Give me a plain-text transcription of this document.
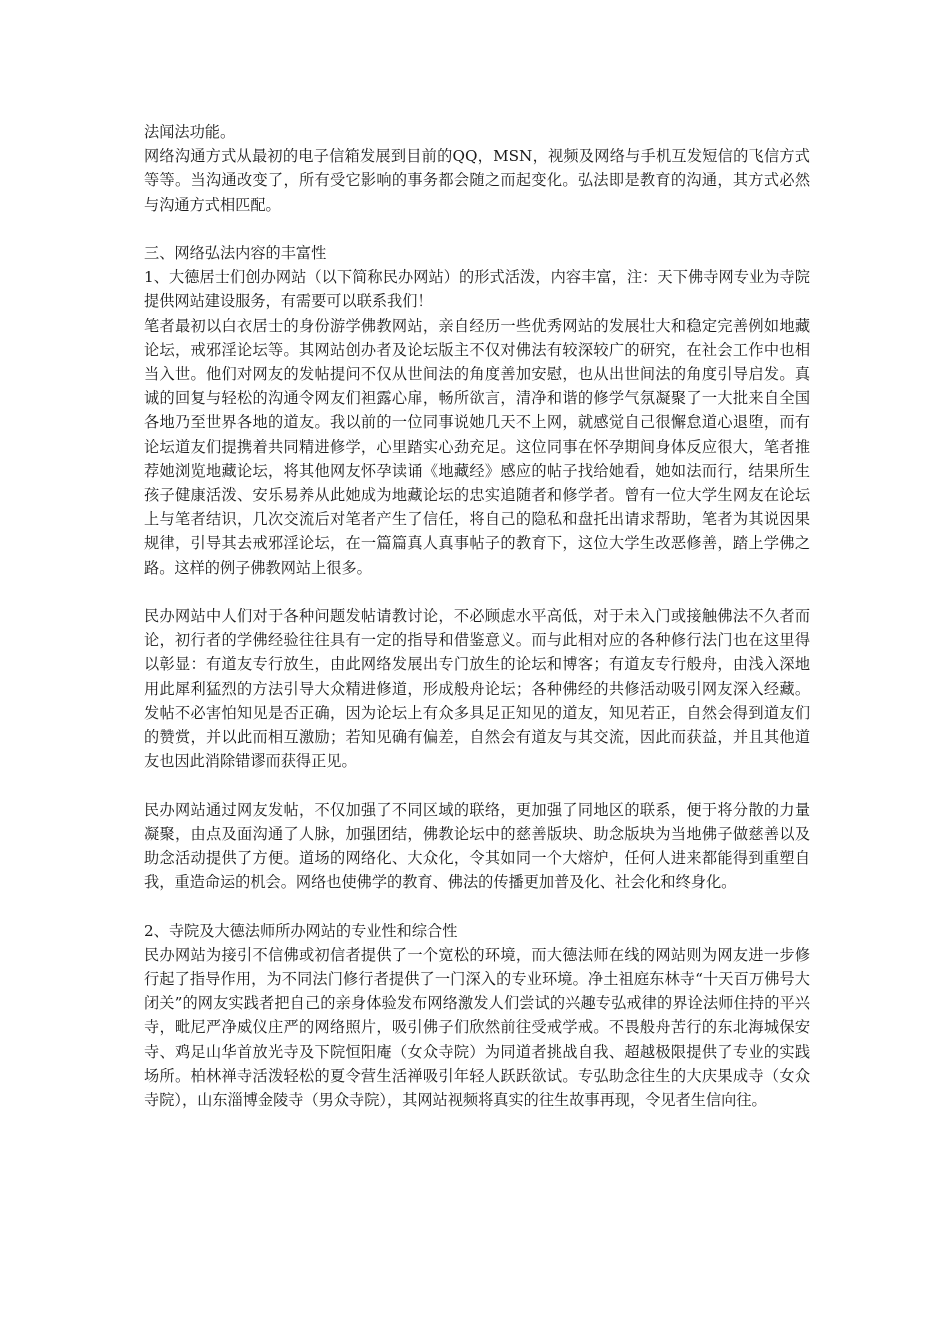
法闻法功能。

网络沟通方式从最初的电子信箱发展到目前的QQ，MSN，视频及网络与手机互发短信的飞信方式等等。当沟通改变了，所有受它影响的事务都会随之而起变化。弘法即是教育的沟通，其方式必然与沟通方式相匹配。

三、网络弘法内容的丰富性

1、大德居士们创办网站（以下简称民办网站）的形式活泼，内容丰富，注：天下佛寺网专业为寺院提供网站建设服务，有需要可以联系我们！

笔者最初以白衣居士的身份游学佛教网站，亲自经历一些优秀网站的发展壮大和稳定完善例如地藏论坛，戒邪淫论坛等。其网站创办者及论坛版主不仅对佛法有较深较广的研究，在社会工作中也相当入世。他们对网友的发帖提问不仅从世间法的角度善加安慰，也从出世间法的角度引导启发。真诚的回复与轻松的沟通令网友们袒露心扉，畅所欲言，清净和谐的修学气氛凝聚了一大批来自全国各地乃至世界各地的道友。我以前的一位同事说她几天不上网，就感觉自己很懈怠道心退堕，而有论坛道友们提携着共同精进修学，心里踏实心劲充足。这位同事在怀孕期间身体反应很大，笔者推荐她浏览地藏论坛，将其他网友怀孕读诵《地藏经》感应的帖子找给她看，她如法而行，结果所生孩子健康活泼、安乐易养从此她成为地藏论坛的忠实追随者和修学者。曾有一位大学生网友在论坛上与笔者结识，几次交流后对笔者产生了信任，将自己的隐私和盘托出请求帮助，笔者为其说因果规律，引导其去戒邪淫论坛，在一篇篇真人真事帖子的教育下，这位大学生改恶修善，踏上学佛之路。这样的例子佛教网站上很多。

民办网站中人们对于各种问题发帖请教讨论，不必顾虑水平高低，对于未入门或接触佛法不久者而论，初行者的学佛经验往往具有一定的指导和借鉴意义。而与此相对应的各种修行法门也在这里得以彰显：有道友专行放生，由此网络发展出专门放生的论坛和博客；有道友专行般舟，由浅入深地用此犀利猛烈的方法引导大众精进修道，形成般舟论坛；各种佛经的共修活动吸引网友深入经藏。发帖不必害怕知见是否正确，因为论坛上有众多具足正知见的道友，知见若正，自然会得到道友们的赞赏，并以此而相互激励；若知见确有偏差，自然会有道友与其交流，因此而获益，并且其他道友也因此消除错谬而获得正见。

民办网站通过网友发帖，不仅加强了不同区域的联络，更加强了同地区的联系，便于将分散的力量凝聚，由点及面沟通了人脉，加强团结，佛教论坛中的慈善版块、助念版块为当地佛子做慈善以及助念活动提供了方便。道场的网络化、大众化，令其如同一个大熔炉，任何人进来都能得到重塑自我，重造命运的机会。网络也使佛学的教育、佛法的传播更加普及化、社会化和终身化。

2、寺院及大德法师所办网站的专业性和综合性

民办网站为接引不信佛或初信者提供了一个宽松的环境，而大德法师在线的网站则为网友进一步修行起了指导作用，为不同法门修行者提供了一门深入的专业环境。净土祖庭东林寺“十天百万佛号大闭关”的网友实践者把自己的亲身体验发布网络激发人们尝试的兴趣专弘戒律的界诠法师住持的平兴寺，毗尼严净威仪庄严的网络照片，吸引佛子们欣然前往受戒学戒。不畏般舟苦行的东北海城保安寺、鸡足山华首放光寺及下院恒阳庵（女众寺院）为同道者挑战自我、超越极限提供了专业的实践场所。柏林禅寺活泼轻松的夏令营生活禅吸引年轻人跃跃欲试。专弘助念往生的大庆果成寺（女众寺院），山东淄博金陵寺（男众寺院），其网站视频将真实的往生故事再现，令见者生信向往。
